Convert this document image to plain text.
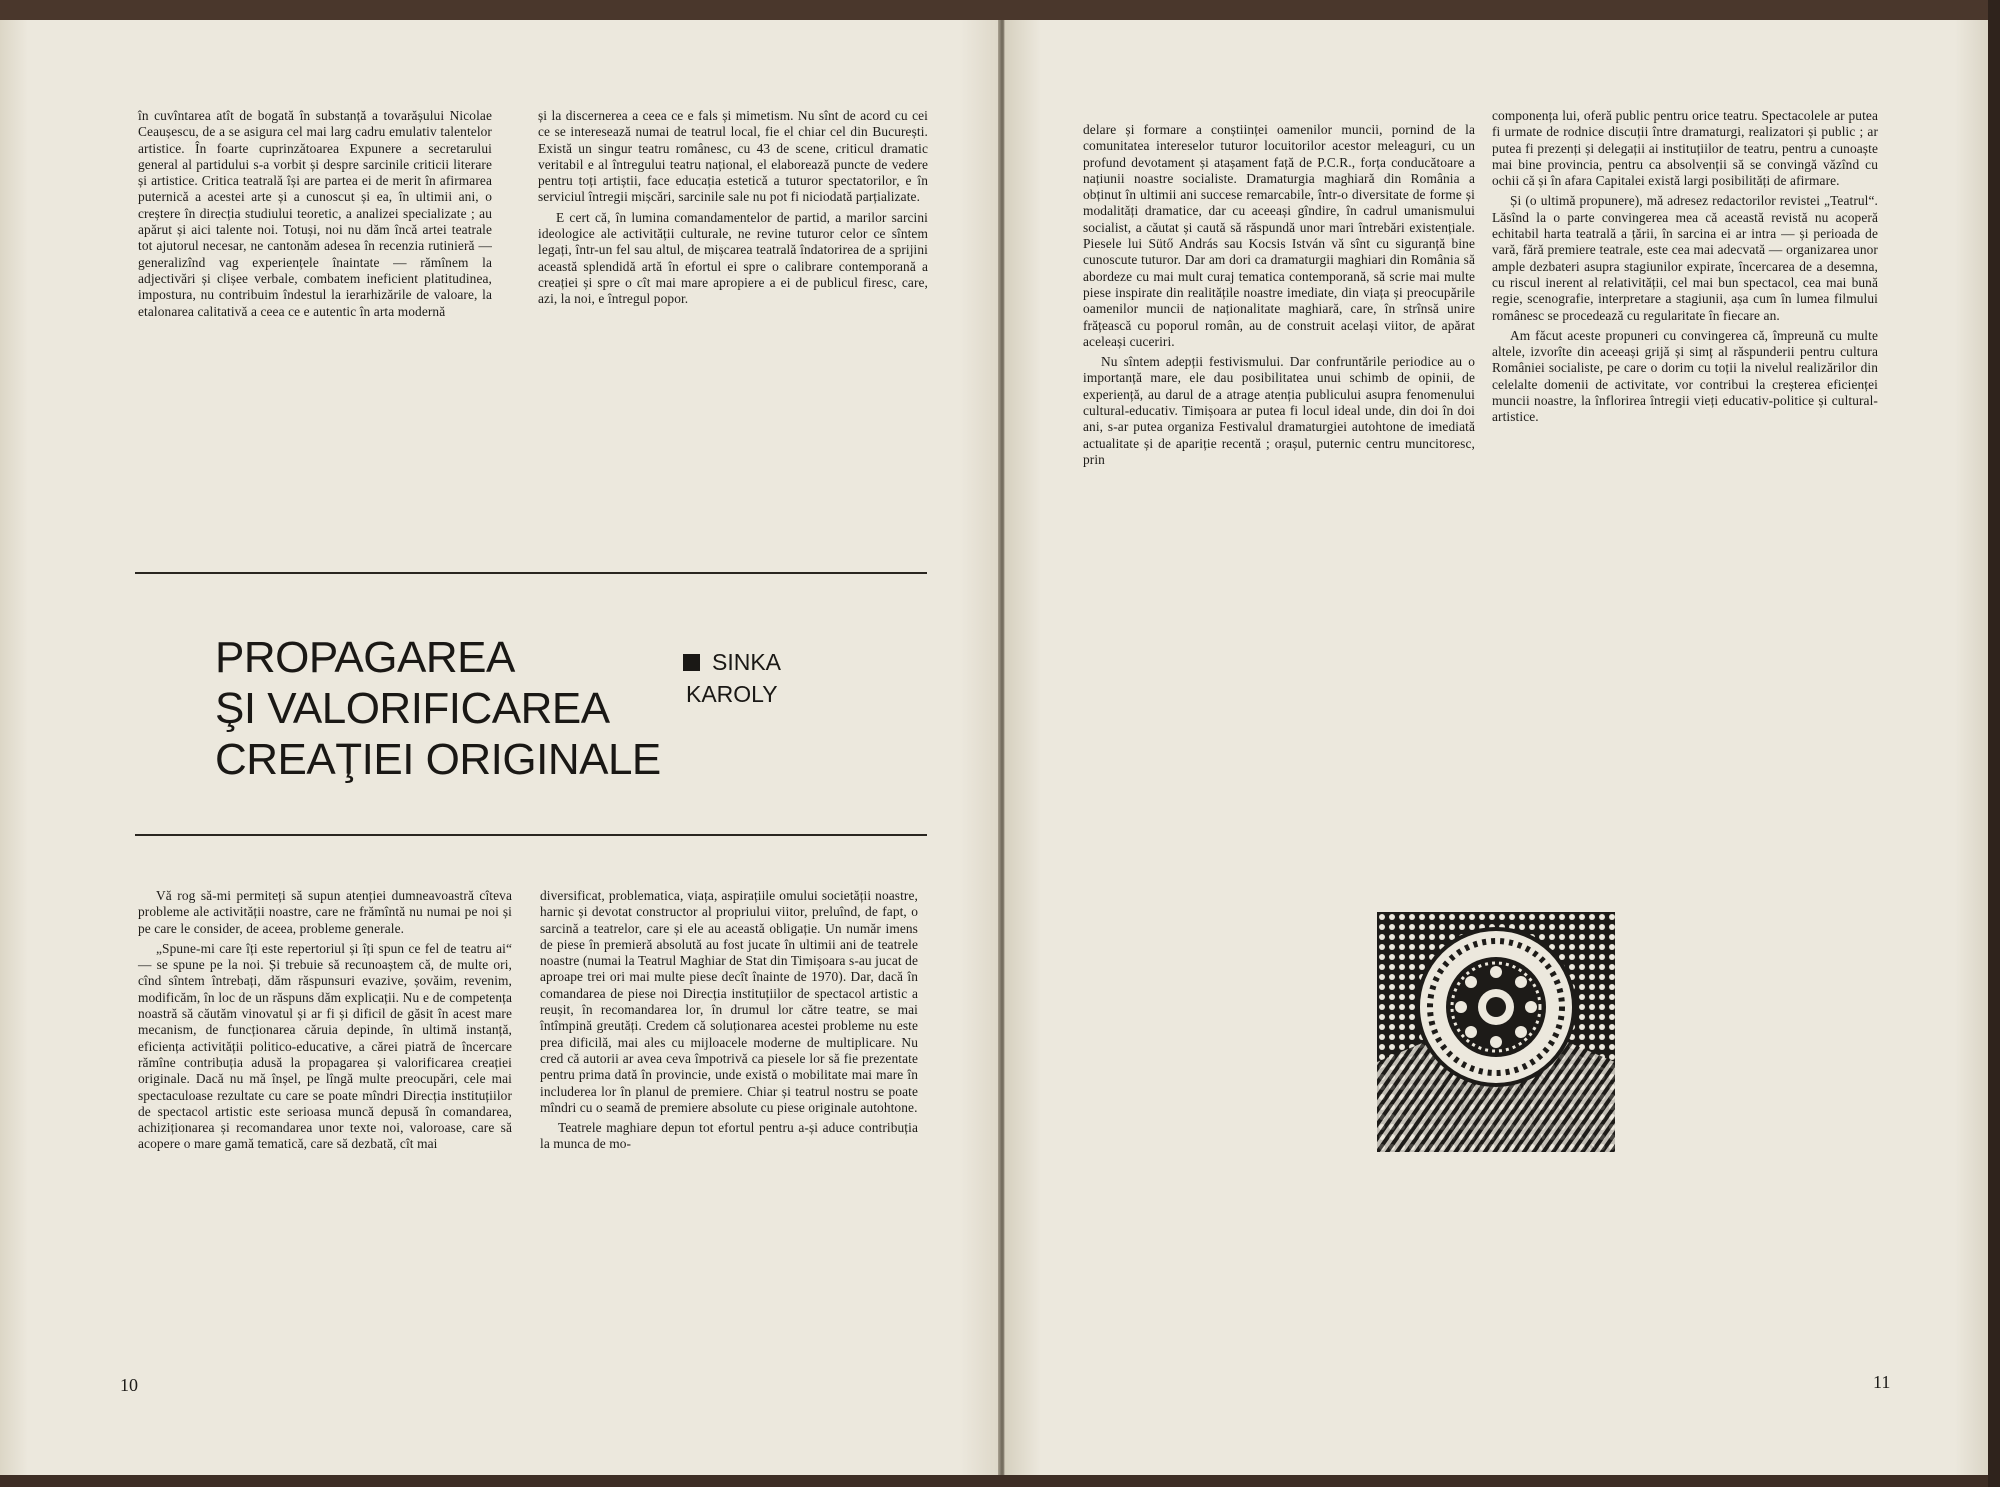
în cuvîntarea atît de bogată în substanță a tovarășului Nicolae Ceaușescu, de a se asigura cel mai larg cadru emulativ talentelor artistice. În foarte cuprinzătoarea Expunere a secretarului general al partidului s-a vorbit și despre sarcinile criticii literare și artistice. Critica teatrală își are partea ei de merit în afirmarea puternică a acestei arte și a cunoscut și ea, în ultimii ani, o creștere în direcția studiului teoretic, a analizei specializate ; au apărut și aici talente noi. Totuși, noi nu dăm încă artei teatrale tot ajutorul necesar, ne cantonăm adesea în recenzia rutinieră — generalizînd vag experiențele înaintate — rămînem la adjectivări și clișee verbale, combatem ineficient platitudinea, impostura, nu contribuim îndestul la ierarhizările de valoare, la etalonarea calitativă a ceea ce e autentic în arta modernă

și la discernerea a ceea ce e fals și mimetism. Nu sînt de acord cu cei ce se interesează numai de teatrul local, fie el chiar cel din București. Există un singur teatru românesc, cu 43 de scene, criticul dramatic veritabil e al întregului teatru național, el elaborează puncte de vedere pentru toți artiștii, face educația estetică a tuturor spectatorilor, e în serviciul întregii mișcări, sarcinile sale nu pot fi niciodată parțializate.

E cert că, în lumina comandamentelor de partid, a marilor sarcini ideologice ale activității culturale, ne revine tuturor celor ce sîntem legați, într-un fel sau altul, de mișcarea teatrală îndatorirea de a sprijini această splendidă artă în efortul ei spre o calibrare contemporană a creației și spre o cît mai mare apropiere a ei de publicul firesc, care, azi, la noi, e întregul popor.

PROPAGAREA
ŞI VALORIFICAREA
CREAŢIEI ORIGINALE
SINKA
KAROLY

Vă rog să-mi permiteți să supun atenției dumneavoastră cîteva probleme ale activității noastre, care ne frămîntă nu numai pe noi și pe care le consider, de aceea, probleme generale.

„Spune-mi care îți este repertoriul și îți spun ce fel de teatru ai“ — se spune pe la noi. Și trebuie să recunoaștem că, de multe ori, cînd sîntem întrebați, dăm răspunsuri evazive, șovăim, revenim, modificăm, în loc de un răspuns dăm explicații. Nu e de competența noastră să căutăm vinovatul și ar fi și dificil de găsit în acest mare mecanism, de funcționarea căruia depinde, în ultimă instanță, eficiența activității politico-educative, a cărei piatră de încercare rămîne contribuția adusă la propagarea și valorificarea creației originale. Dacă nu mă înșel, pe lîngă multe preocupări, cele mai spectaculoase rezultate cu care se poate mîndri Direcția instituțiilor de spectacol artistic este serioasa muncă depusă în comandarea, achiziționarea și recomandarea unor texte noi, valoroase, care să acopere o mare gamă tematică, care să dezbată, cît mai

diversificat, problematica, viața, aspirațiile omului societății noastre, harnic și devotat constructor al propriului viitor, preluînd, de fapt, o sarcină a teatrelor, care și ele au această obligație. Un număr imens de piese în premieră absolută au fost jucate în ultimii ani de teatrele noastre (numai la Teatrul Maghiar de Stat din Timișoara s-au jucat de aproape trei ori mai multe piese decît înainte de 1970). Dar, dacă în comandarea de piese noi Direcția instituțiilor de spectacol artistic a reușit, în recomandarea lor, în drumul lor către teatre, se mai întîmpină greutăți. Credem că soluționarea acestei probleme nu este prea dificilă, mai ales cu mijloacele moderne de multiplicare. Nu cred că autorii ar avea ceva împotrivă ca piesele lor să fie prezentate pentru prima dată în provincie, unde există o mobilitate mai mare în includerea lor în planul de premiere. Chiar și teatrul nostru se poate mîndri cu o seamă de premiere absolute cu piese originale autohtone.

Teatrele maghiare depun tot efortul pentru a-și aduce contribuția la munca de mo-

10

delare și formare a conștiinței oamenilor muncii, pornind de la comunitatea intereselor tuturor locuitorilor acestor meleaguri, cu un profund devotament și atașament față de P.C.R., forța conducătoare a națiunii noastre socialiste. Dramaturgia maghiară din România a obținut în ultimii ani succese remarcabile, într-o diversitate de forme și modalități dramatice, dar cu aceeași gîndire, în cadrul umanismului socialist, a căutat și caută să răspundă unor mari întrebări existențiale. Piesele lui Sütő András sau Kocsis István vă sînt cu siguranță bine cunoscute tuturor. Dar am dori ca dramaturgii maghiari din România să abordeze cu mai mult curaj tematica contemporană, să scrie mai multe piese inspirate din realitățile noastre imediate, din viața și preocupările oamenilor muncii de naționalitate maghiară, care, în strînsă unire frățească cu poporul român, au de construit același viitor, de apărat aceleași cuceriri.

Nu sîntem adepții festivismului. Dar confruntările periodice au o importanță mare, ele dau posibilitatea unui schimb de opinii, de experiență, au darul de a atrage atenția publicului asupra fenomenului cultural-educativ. Timișoara ar putea fi locul ideal unde, din doi în doi ani, s-ar putea organiza Festivalul dramaturgiei autohtone de imediată actualitate și de apariție recentă ; orașul, puternic centru muncitoresc, prin

componența lui, oferă public pentru orice teatru. Spectacolele ar putea fi urmate de rodnice discuții între dramaturgi, realizatori și public ; ar putea fi prezenți și delegații ai instituțiilor de teatru, pentru a cunoaște mai bine provincia, pentru ca absolvenții să se convingă văzînd cu ochii că și în afara Capitalei există largi posibilități de afirmare.

Și (o ultimă propunere), mă adresez redactorilor revistei „Teatrul“. Lăsînd la o parte convingerea mea că această revistă nu acoperă echitabil harta teatrală a țării, în sarcina ei ar intra — și perioada de vară, fără premiere teatrale, este cea mai adecvată — organizarea unor ample dezbateri asupra stagiunilor expirate, încercarea de a desemna, cu riscul inerent al relativității, cel mai bun spectacol, cea mai bună regie, scenografie, interpretare a stagiunii, așa cum în lumea filmului românesc se procedează cu regularitate în fiecare an.

Am făcut aceste propuneri cu convingerea că, împreună cu multe altele, izvorîte din aceeași grijă și simț al răspunderii pentru cultura României socialiste, pe care o dorim cu toții la nivelul realizărilor din celelalte domenii de activitate, vor contribui la creșterea eficienței muncii noastre, la înflorirea întregii vieți educativ-politice și cultural-artistice.

11
